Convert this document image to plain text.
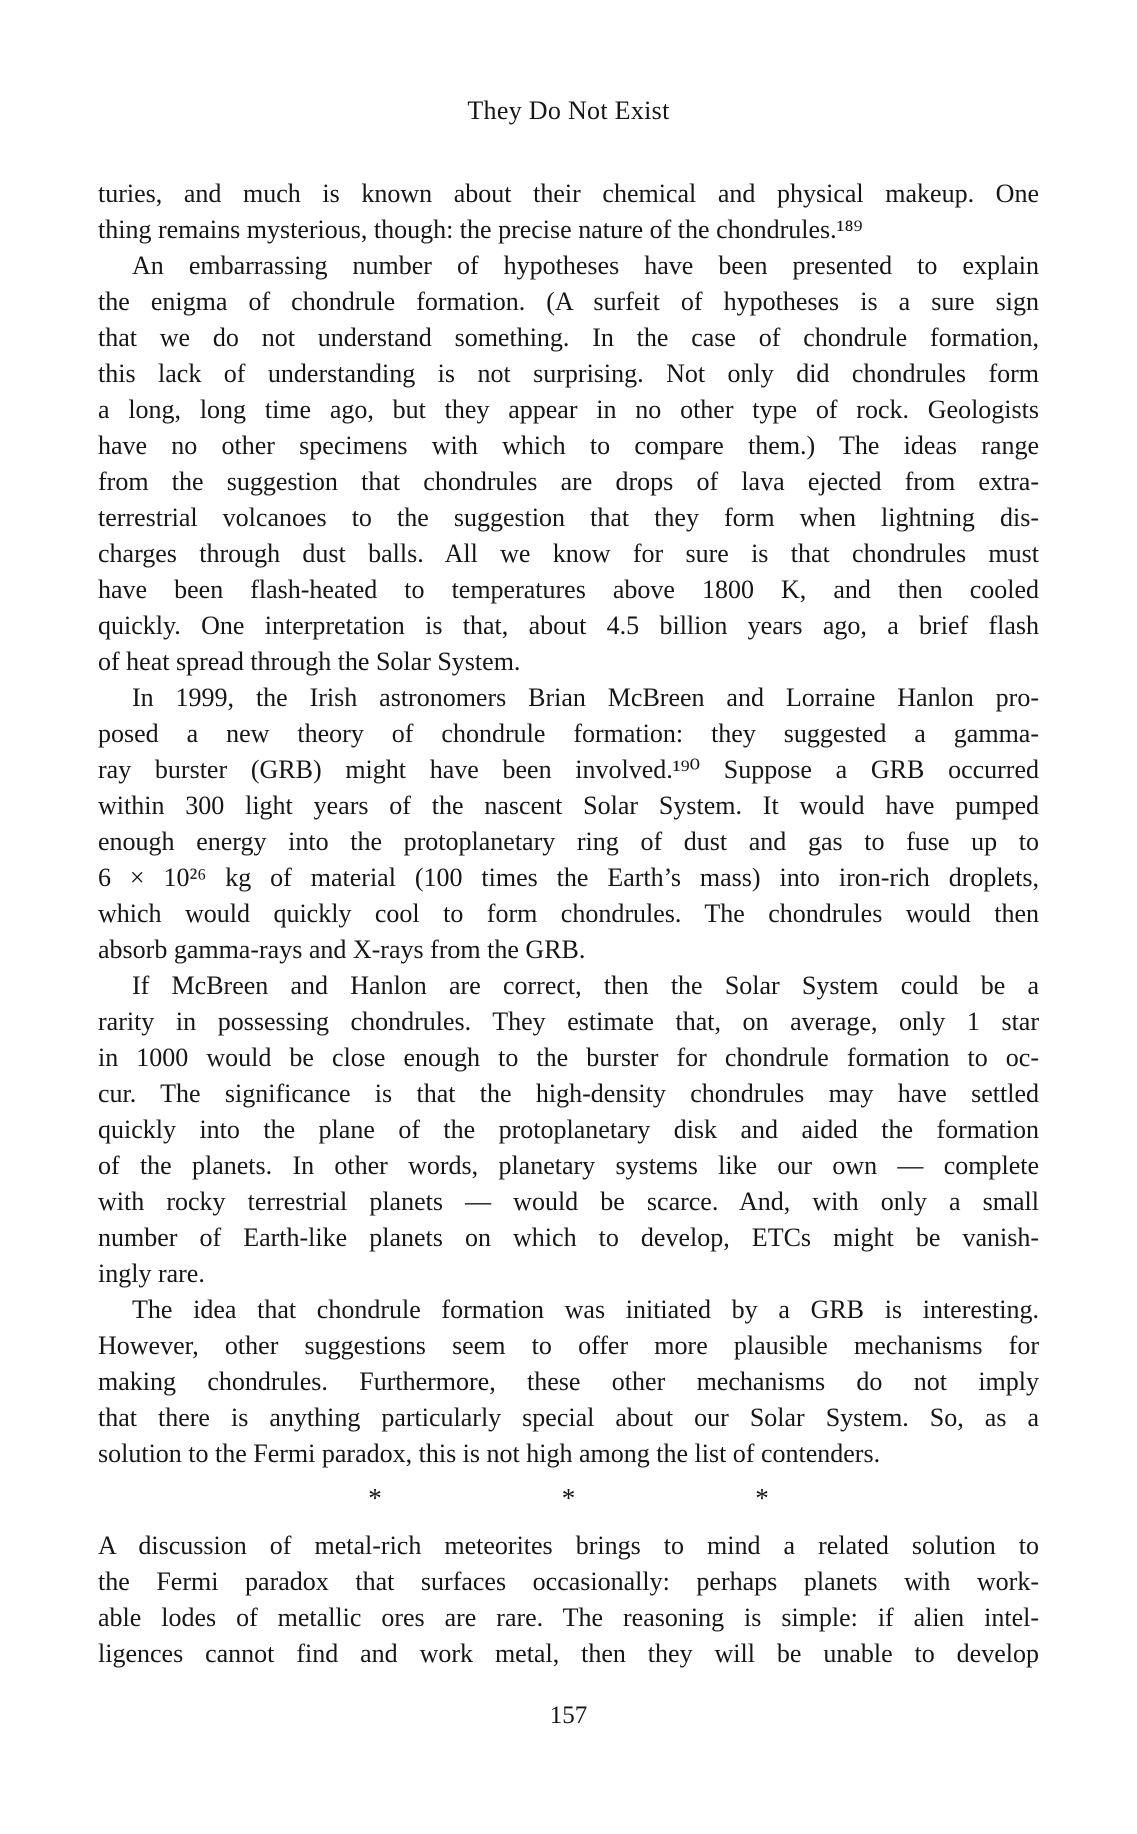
They Do Not Exist
turies, and much is known about their chemical and physical makeup. One
thing remains mysterious, though: the precise nature of the chondrules.¹⁸⁹
An embarrassing number of hypotheses have been presented to explain
the enigma of chondrule formation. (A surfeit of hypotheses is a sure sign
that we do not understand something. In the case of chondrule formation,
this lack of understanding is not surprising. Not only did chondrules form
a long, long time ago, but they appear in no other type of rock. Geologists
have no other specimens with which to compare them.) The ideas range
from the suggestion that chondrules are drops of lava ejected from extra-
terrestrial volcanoes to the suggestion that they form when lightning dis-
charges through dust balls. All we know for sure is that chondrules must
have been flash-heated to temperatures above 1800 K, and then cooled
quickly. One interpretation is that, about 4.5 billion years ago, a brief flash
of heat spread through the Solar System.
In 1999, the Irish astronomers Brian McBreen and Lorraine Hanlon pro-
posed a new theory of chondrule formation: they suggested a gamma-
ray burster (GRB) might have been involved.¹⁹⁰ Suppose a GRB occurred
within 300 light years of the nascent Solar System. It would have pumped
enough energy into the protoplanetary ring of dust and gas to fuse up to
6 × 10²⁶ kg of material (100 times the Earth’s mass) into iron-rich droplets,
which would quickly cool to form chondrules. The chondrules would then
absorb gamma-rays and X-rays from the GRB.
If McBreen and Hanlon are correct, then the Solar System could be a
rarity in possessing chondrules. They estimate that, on average, only 1 star
in 1000 would be close enough to the burster for chondrule formation to oc-
cur. The significance is that the high-density chondrules may have settled
quickly into the plane of the protoplanetary disk and aided the formation
of the planets. In other words, planetary systems like our own — complete
with rocky terrestrial planets — would be scarce. And, with only a small
number of Earth-like planets on which to develop, ETCs might be vanish-
ingly rare.
The idea that chondrule formation was initiated by a GRB is interesting.
However, other suggestions seem to offer more plausible mechanisms for
making chondrules. Furthermore, these other mechanisms do not imply
that there is anything particularly special about our Solar System. So, as a
solution to the Fermi paradox, this is not high among the list of contenders.
*	*	*
A discussion of metal-rich meteorites brings to mind a related solution to
the Fermi paradox that surfaces occasionally: perhaps planets with work-
able lodes of metallic ores are rare. The reasoning is simple: if alien intel-
ligences cannot find and work metal, then they will be unable to develop
157
